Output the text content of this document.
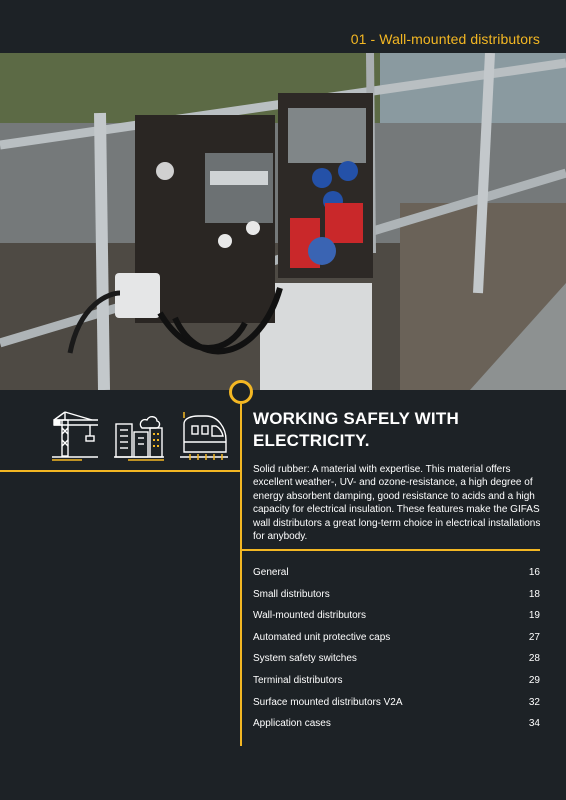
01 - Wall-mounted distributors
WORKING SAFELY WITH
ELECTRICITY.
Solid rubber: A material with expertise. This material offers excellent weather-, UV- and ozone-resistance, a high degree of energy absorbent damping, good resistance to acids and a high capacity for electrical insulation. These features make the GIFAS wall distributors a great long-term choice in electrical installations for anybody.
General	16
Small distributors	18
Wall-mounted distributors	19
Automated unit protective caps	27
System safety switches	28
Terminal distributors	29
Surface mounted distributors V2A	32
Application cases	34
